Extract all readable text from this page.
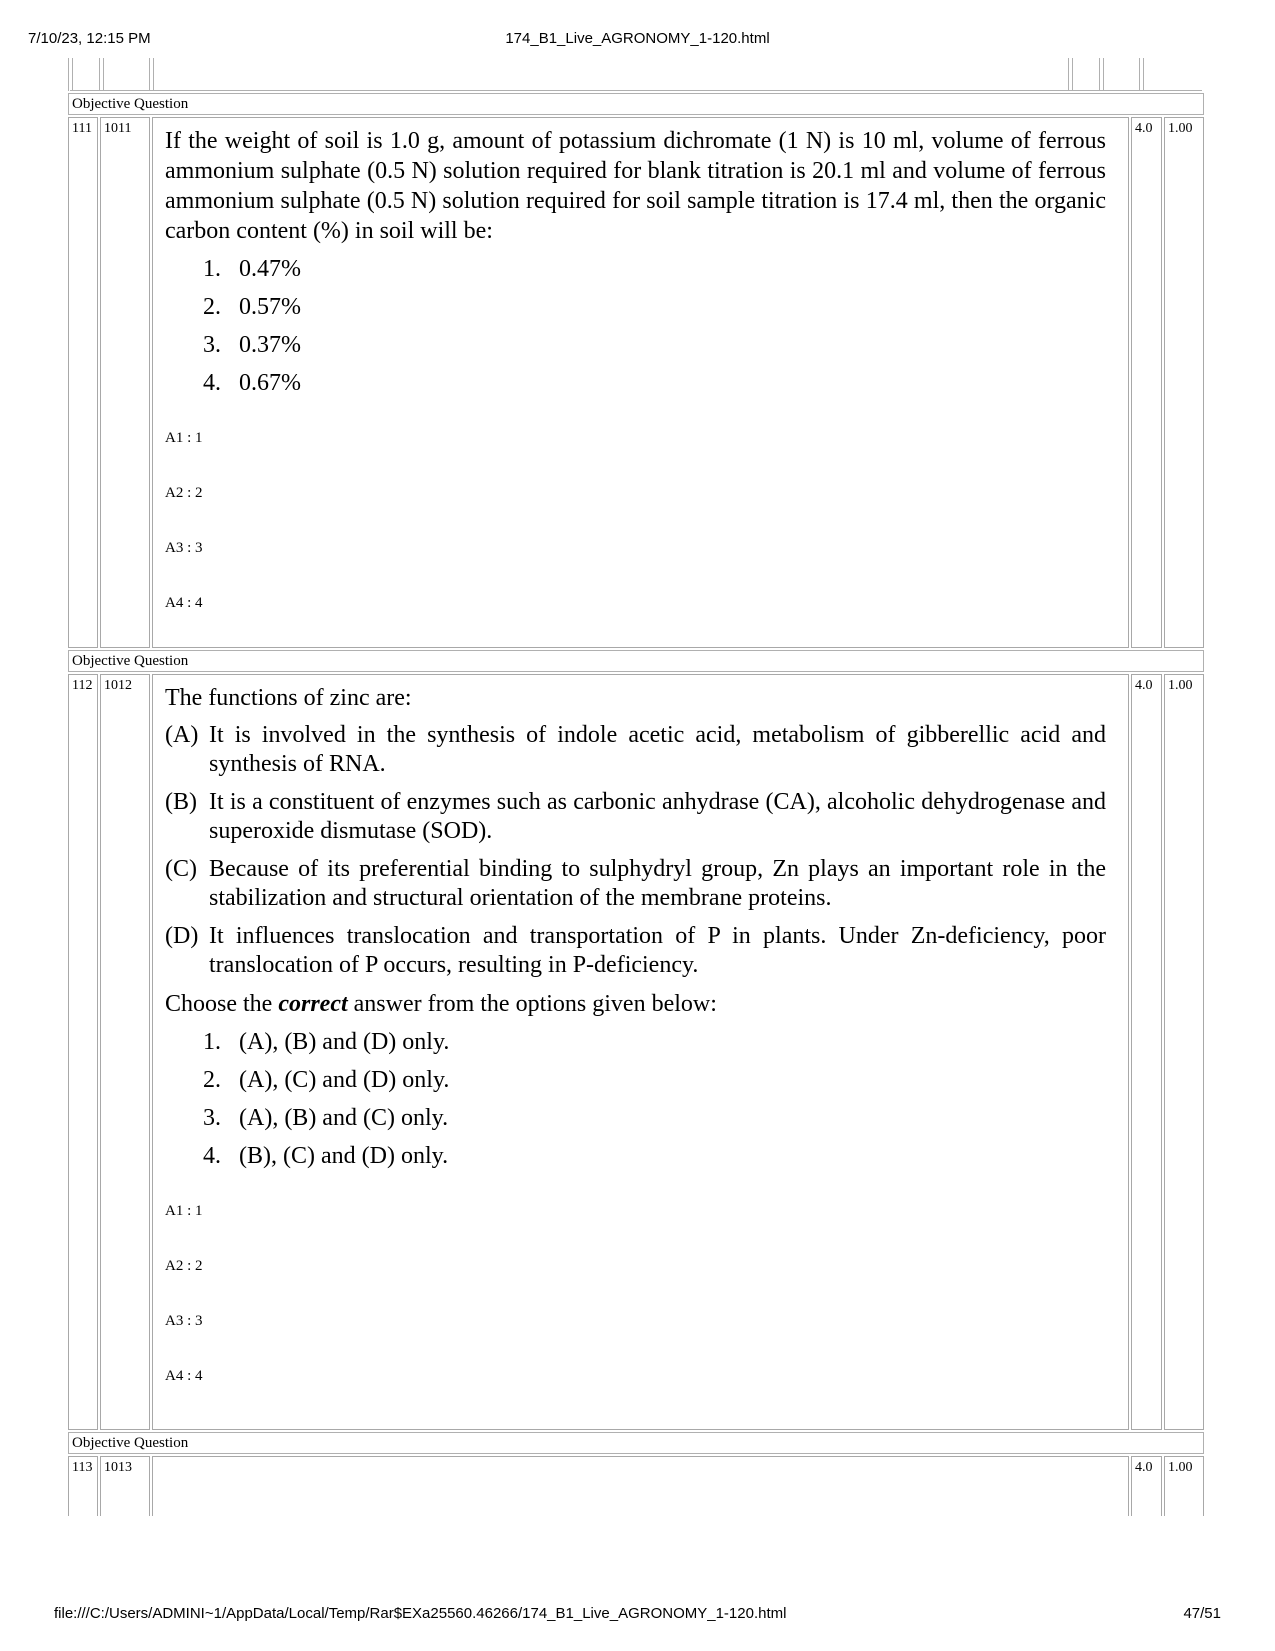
7/10/23, 12:15 PM	174_B1_Live_AGRONOMY_1-120.html
Objective Question
111 1011	If the weight of soil is 1.0 g, amount of potassium dichromate (1 N) is 10 ml, volume of ferrous ammonium sulphate (0.5 N) solution required for blank titration is 20.1 ml and volume of ferrous ammonium sulphate (0.5 N) solution required for soil sample titration is 17.4 ml, then the organic carbon content (%) in soil will be:
1. 0.47%
2. 0.57%
3. 0.37%
4. 0.67%
A1 : 1
A2 : 2
A3 : 3
A4 : 4
4.0	1.00
Objective Question
112 1012	The functions of zinc are:
(A) It is involved in the synthesis of indole acetic acid, metabolism of gibberellic acid and synthesis of RNA.
(B) It is a constituent of enzymes such as carbonic anhydrase (CA), alcoholic dehydrogenase and superoxide dismutase (SOD).
(C) Because of its preferential binding to sulphydryl group, Zn plays an important role in the stabilization and structural orientation of the membrane proteins.
(D) It influences translocation and transportation of P in plants. Under Zn-deficiency, poor translocation of P occurs, resulting in P-deficiency.
Choose the correct answer from the options given below:
1. (A), (B) and (D) only.
2. (A), (C) and (D) only.
3. (A), (B) and (C) only.
4. (B), (C) and (D) only.
A1 : 1
A2 : 2
A3 : 3
A4 : 4
4.0	1.00
Objective Question
113 1013	4.0	1.00
file:///C:/Users/ADMINI~1/AppData/Local/Temp/Rar$EXa25560.46266/174_B1_Live_AGRONOMY_1-120.html	47/51
